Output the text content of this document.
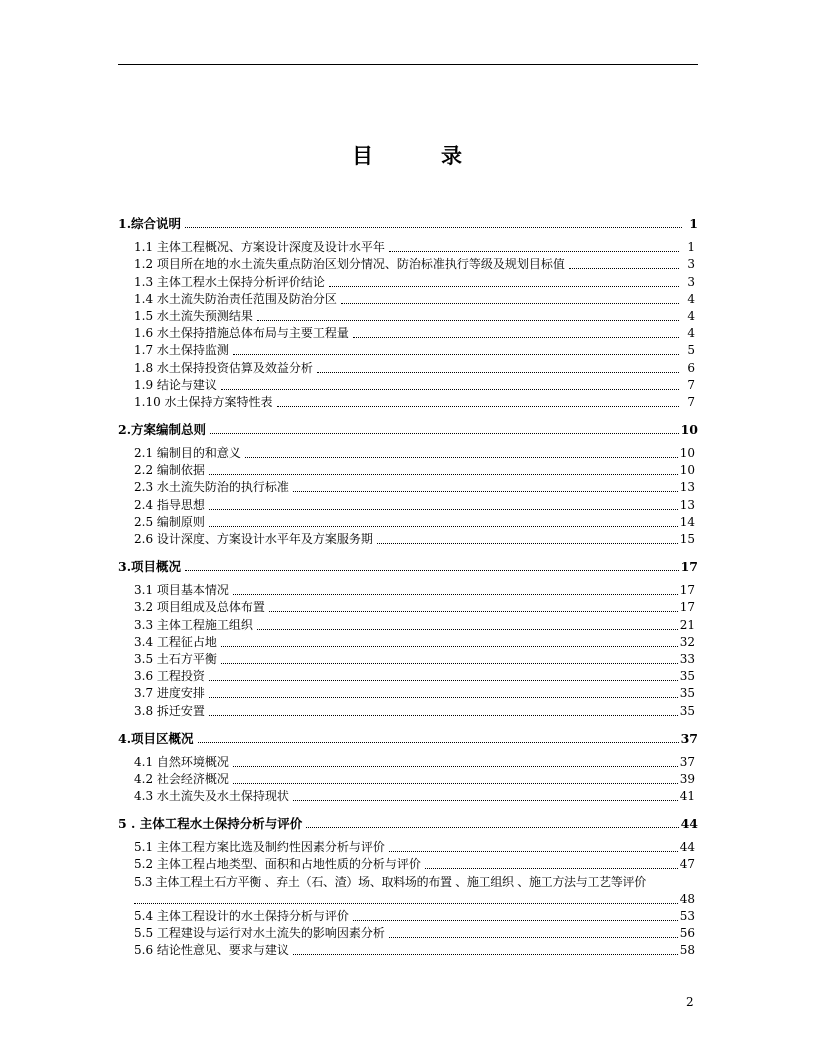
目	录
1.综合说明	1
1.1 主体工程概况、方案设计深度及设计水平年	1
1.2 项目所在地的水土流失重点防治区划分情况、防治标准执行等级及规划目标值	3
1.3 主体工程水土保持分析评价结论	3
1.4 水土流失防治责任范围及防治分区	4
1.5 水土流失预测结果	4
1.6 水土保持措施总体布局与主要工程量	4
1.7 水土保持监测	5
1.8 水土保持投资估算及效益分析	6
1.9 结论与建议	7
1.10 水土保持方案特性表	7
2.方案编制总则	10
2.1 编制目的和意义	10
2.2 编制依据	10
2.3 水土流失防治的执行标准	13
2.4 指导思想	13
2.5 编制原则	14
2.6 设计深度、方案设计水平年及方案服务期	15
3.项目概况	17
3.1 项目基本情况	17
3.2 项目组成及总体布置	17
3.3 主体工程施工组织	21
3.4 工程征占地	32
3.5 土石方平衡	33
3.6 工程投资	35
3.7 进度安排	35
3.8 拆迁安置	35
4.项目区概况	37
4.1 自然环境概况	37
4.2 社会经济概况	39
4.3 水土流失及水土保持现状	41
5 . 主体工程水土保持分析与评价	44
5.1 主体工程方案比选及制约性因素分析与评价	44
5.2 主体工程占地类型、面积和占地性质的分析与评价	47
5.3 主体工程土石方平衡 、弃土（石、渣）场、取料场的布置 、施工组织 、施工方法与工艺等评价
48
5.4 主体工程设计的水土保持分析与评价	53
5.5 工程建设与运行对水土流失的影响因素分析	56
5.6 结论性意见、要求与建议	58
2
